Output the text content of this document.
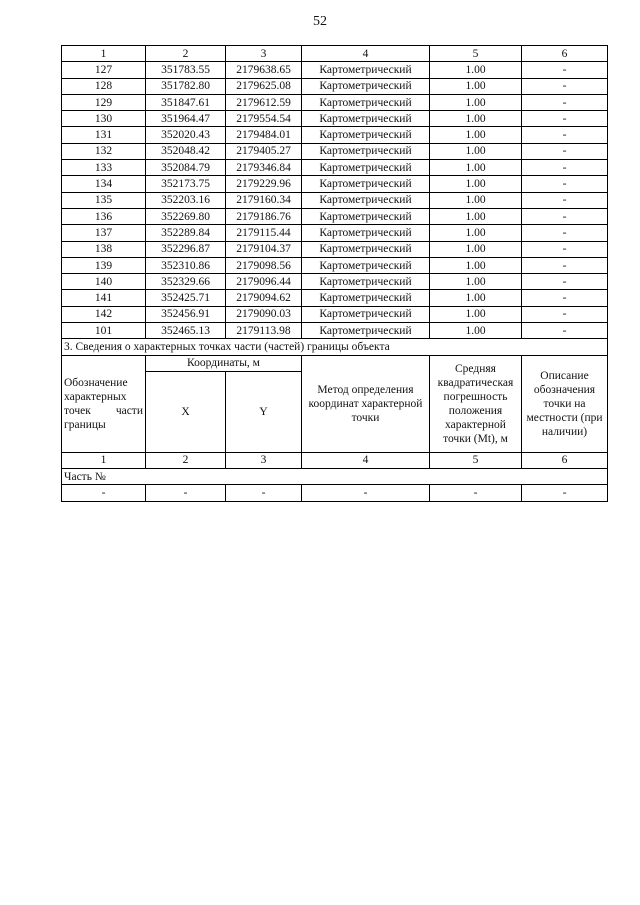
52
1	2	3	4	5	6
127	351783.55	2179638.65	Картометрический	1.00	-
128	351782.80	2179625.08	Картометрический	1.00	-
129	351847.61	2179612.59	Картометрический	1.00	-
130	351964.47	2179554.54	Картометрический	1.00	-
131	352020.43	2179484.01	Картометрический	1.00	-
132	352048.42	2179405.27	Картометрический	1.00	-
133	352084.79	2179346.84	Картометрический	1.00	-
134	352173.75	2179229.96	Картометрический	1.00	-
135	352203.16	2179160.34	Картометрический	1.00	-
136	352269.80	2179186.76	Картометрический	1.00	-
137	352289.84	2179115.44	Картометрический	1.00	-
138	352296.87	2179104.37	Картометрический	1.00	-
139	352310.86	2179098.56	Картометрический	1.00	-
140	352329.66	2179096.44	Картометрический	1.00	-
141	352425.71	2179094.62	Картометрический	1.00	-
142	352456.91	2179090.03	Картометрический	1.00	-
101	352465.13	2179113.98	Картометрический	1.00	-
3. Сведения о характерных точках части (частей) границы объекта					
Обозначение характерных точек части границы	Координаты, м		Метод определения координат характерной точки	Средняя квадратическая погрешность положения характерной точки (Mt), м	Описание обозначения точки на местности (при наличии)
	X	Y			
1	2	3	4	5	6
Часть №					
-	-	-	-	-	-
